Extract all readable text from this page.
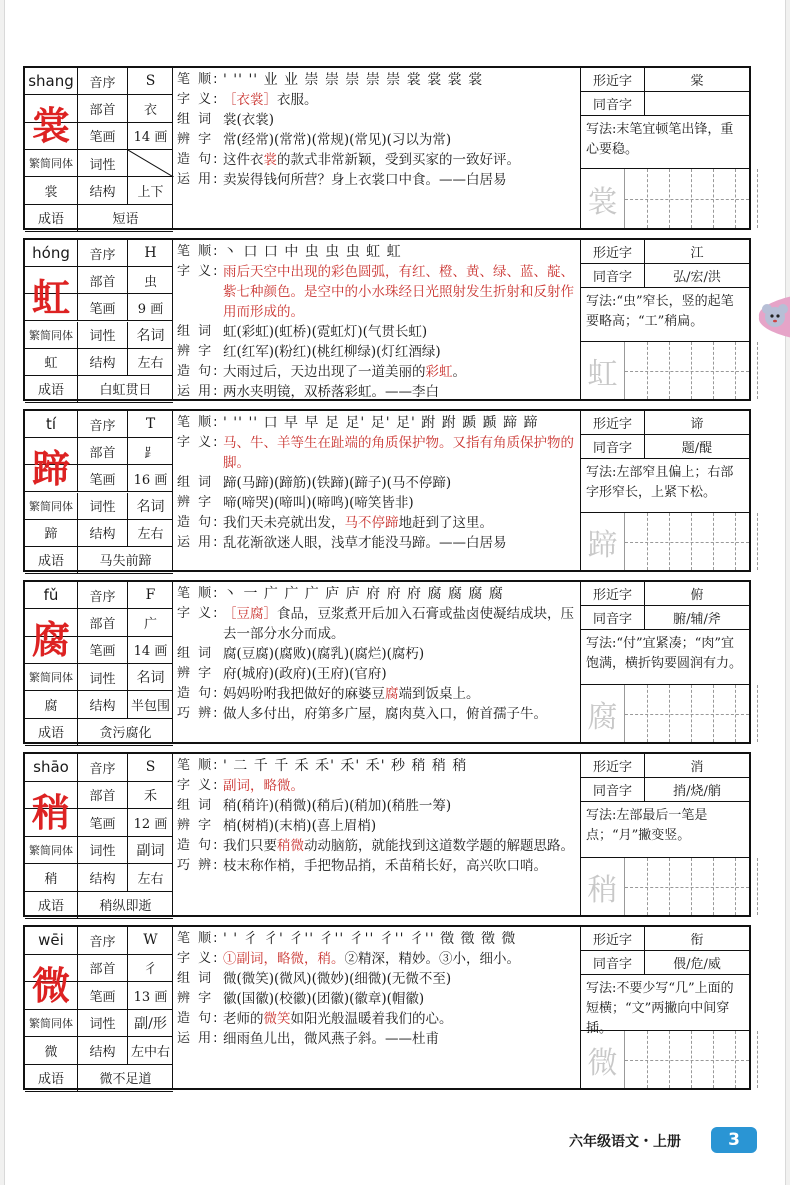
shang	音序	S
部首	衣
笔画	14 画
繁简同体	词性
裳	结构	上下
成语	短语
裳
笔 顺: ' '' '' 业 业 崇 崇 崇 崇 崇 裳 裳 裳 裳
字 义: ［衣裳］衣服。
组 词 裳(衣裳)
辨 字 常(经常)(常常)(常规)(常见)(习以为常)
造 句: 这件衣裳的款式非常新颖，受到买家的一致好评。
运 用: 卖炭得钱何所营？身上衣裳口中食。——白居易
形近字	棠
同音字
写法:末笔宜顿笔出锋，重心要稳。
裳
hóng	音序	H
部首	虫
笔画	9 画
繁简同体	词性	名词
虹	结构	左右
成语	白虹贯日
虹
笔 顺: 丶 口 口 中 虫 虫 虫 虹 虹
字 义: 雨后天空中出现的彩色圆弧，有红、橙、黄、绿、蓝、靛、紫七种颜色。是空中的小水珠经日光照射发生折射和反射作用而形成的。
组 词 虹(彩虹)(虹桥)(霓虹灯)(气贯长虹)
辨 字 红(红军)(粉红)(桃红柳绿)(灯红酒绿)
造 句: 大雨过后，天边出现了一道美丽的彩虹。
运 用: 两水夹明镜，双桥落彩虹。——李白
形近字	江
同音字	弘/宏/洪
写法:“虫”窄长，竖的起笔要略高；“工”稍扁。
虹
tí	音序	T
部首	⻊
笔画	16 画
繁简同体	词性	名词
蹄	结构	左右
成语	马失前蹄
蹄
笔 顺: ' '' '' 口 早 早 足 足' 足' 足' 跗 跗 踬 踬 蹄 蹄
字 义: 马、牛、羊等生在趾端的角质保护物。又指有角质保护物的脚。
组 词 蹄(马蹄)(蹄筋)(铁蹄)(蹄子)(马不停蹄)
辨 字 啼(啼哭)(啼叫)(啼鸣)(啼笑皆非)
造 句: 我们天未亮就出发，马不停蹄地赶到了这里。
运 用: 乱花渐欲迷人眼，浅草才能没马蹄。——白居易
形近字	谛
同音字	题/醍
写法:左部窄且偏上；右部字形窄长，上紧下松。
蹄
fǔ	音序	F
部首	广
笔画	14 画
繁简同体	词性	名词
腐	结构	半包围
成语	贪污腐化
腐
笔 顺: 丶 一 广 广 广 庐 庐 府 府 府 腐 腐 腐 腐
字 义: ［豆腐］食品，豆浆煮开后加入石膏或盐卤使凝结成块，压去一部分水分而成。
组 词 腐(豆腐)(腐败)(腐乳)(腐烂)(腐朽)
辨 字 府(城府)(政府)(王府)(官府)
造 句: 妈妈吩咐我把做好的麻婆豆腐端到饭桌上。
巧 辨: 做人多付出，府第多广屋，腐肉莫入口，俯首孺子牛。
形近字	俯
同音字	腑/辅/斧
写法:“付”宜紧凑；“肉”宜饱满，横折钩要圆润有力。
腐
shāo	音序	S
部首	禾
笔画	12 画
繁简同体	词性	副词
稍	结构	左右
成语	稍纵即逝
稍
笔 顺: ' 二 千 千 禾 禾' 禾' 禾' 秒 稍 稍 稍
字 义: 副词，略微。
组 词 稍(稍许)(稍微)(稍后)(稍加)(稍胜一筹)
辨 字 梢(树梢)(末梢)(喜上眉梢)
造 句: 我们只要稍微动动脑筋，就能找到这道数学题的解题思路。
巧 辨: 枝末称作梢，手把物品捎，禾苗稍长好，高兴吹口哨。
形近字	消
同音字	捎/烧/艄
写法:左部最后一笔是点；“月”撇变竖。
稍
wēi	音序	W
部首	彳
笔画	13 画
繁简同体	词性	副/形
微	结构	左中右
成语	微不足道
微
笔 顺: ' ' 彳 彳' 彳'' 彳'' 彳'' 彳'' 彳'' 徵 徵 徵 微
字 义: ①副词，略微，稍。②精深，精妙。③小，细小。
组 词 微(微笑)(微风)(微妙)(细微)(无微不至)
辨 字 徽(国徽)(校徽)(团徽)(徽章)(帽徽)
造 句: 老师的微笑如阳光般温暖着我们的心。
运 用: 细雨鱼儿出，微风燕子斜。——杜甫
形近字	衔
同音字	偎/危/威
写法:不要少写“几”上面的短横；“文”两撇向中间穿插。
微
六年级语文・上册	3
